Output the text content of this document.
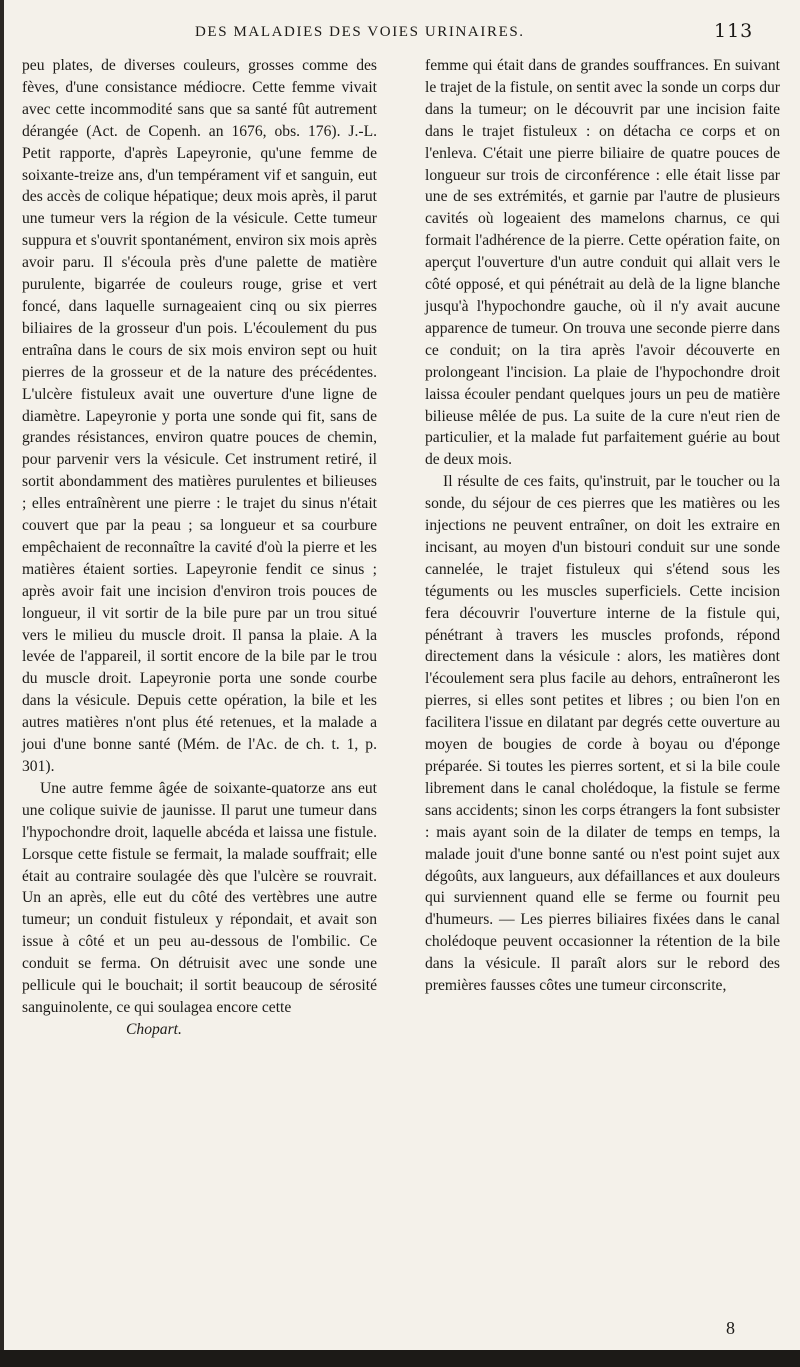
DES MALADIES DES VOIES URINAIRES.	113

peu plates, de diverses couleurs, grosses comme des fèves, d'une consistance médiocre. Cette femme vivait avec cette incommodité sans que sa santé fût autrement dérangée (Act. de Copenh. an 1676, obs. 176). J.-L. Petit rapporte, d'après Lapeyronie, qu'une femme de soixante-treize ans, d'un tempérament vif et sanguin, eut des accès de colique hépatique; deux mois après, il parut une tumeur vers la région de la vésicule. Cette tumeur suppura et s'ouvrit spontanément, environ six mois après avoir paru. Il s'écoula près d'une palette de matière purulente, bigarrée de couleurs rouge, grise et vert foncé, dans laquelle surnageaient cinq ou six pierres biliaires de la grosseur d'un pois. L'écoulement du pus entraîna dans le cours de six mois environ sept ou huit pierres de la grosseur et de la nature des précédentes. L'ulcère fistuleux avait une ouverture d'une ligne de diamètre. Lapeyronie y porta une sonde qui fit, sans de grandes résistances, environ quatre pouces de chemin, pour parvenir vers la vésicule. Cet instrument retiré, il sortit abondamment des matières purulentes et bilieuses ; elles entraînèrent une pierre : le trajet du sinus n'était couvert que par la peau ; sa longueur et sa courbure empêchaient de reconnaître la cavité d'où la pierre et les matières étaient sorties. Lapeyronie fendit ce sinus ; après avoir fait une incision d'environ trois pouces de longueur, il vit sortir de la bile pure par un trou situé vers le milieu du muscle droit. Il pansa la plaie. A la levée de l'appareil, il sortit encore de la bile par le trou du muscle droit. Lapeyronie porta une sonde courbe dans la vésicule. Depuis cette opération, la bile et les autres matières n'ont plus été retenues, et la malade a joui d'une bonne santé (Mém. de l'Ac. de ch. t. 1, p. 301).

Une autre femme âgée de soixante-quatorze ans eut une colique suivie de jaunisse. Il parut une tumeur dans l'hypochondre droit, laquelle abcéda et laissa une fistule. Lorsque cette fistule se fermait, la malade souffrait; elle était au contraire soulagée dès que l'ulcère se rouvrait. Un an après, elle eut du côté des vertèbres une autre tumeur; un conduit fistuleux y répondait, et avait son issue à côté et un peu au-dessous de l'ombilic. Ce conduit se ferma. On détruisit avec une sonde une pellicule qui le bouchait; il sortit beaucoup de sérosité sanguinolente, ce qui soulagea encore cette

Chopart.

femme qui était dans de grandes souffrances. En suivant le trajet de la fistule, on sentit avec la sonde un corps dur dans la tumeur; on le découvrit par une incision faite dans le trajet fistuleux : on détacha ce corps et on l'enleva. C'était une pierre biliaire de quatre pouces de longueur sur trois de circonférence : elle était lisse par une de ses extrémités, et garnie par l'autre de plusieurs cavités où logeaient des mamelons charnus, ce qui formait l'adhérence de la pierre. Cette opération faite, on aperçut l'ouverture d'un autre conduit qui allait vers le côté opposé, et qui pénétrait au delà de la ligne blanche jusqu'à l'hypochondre gauche, où il n'y avait aucune apparence de tumeur. On trouva une seconde pierre dans ce conduit; on la tira après l'avoir découverte en prolongeant l'incision. La plaie de l'hypochondre droit laissa écouler pendant quelques jours un peu de matière bilieuse mêlée de pus. La suite de la cure n'eut rien de particulier, et la malade fut parfaitement guérie au bout de deux mois.

Il résulte de ces faits, qu'instruit, par le toucher ou la sonde, du séjour de ces pierres que les matières ou les injections ne peuvent entraîner, on doit les extraire en incisant, au moyen d'un bistouri conduit sur une sonde cannelée, le trajet fistuleux qui s'étend sous les téguments ou les muscles superficiels. Cette incision fera découvrir l'ouverture interne de la fistule qui, pénétrant à travers les muscles profonds, répond directement dans la vésicule : alors, les matières dont l'écoulement sera plus facile au dehors, entraîneront les pierres, si elles sont petites et libres ; ou bien l'on en facilitera l'issue en dilatant par degrés cette ouverture au moyen de bougies de corde à boyau ou d'éponge préparée. Si toutes les pierres sortent, et si la bile coule librement dans le canal cholédoque, la fistule se ferme sans accidents; sinon les corps étrangers la font subsister : mais ayant soin de la dilater de temps en temps, la malade jouit d'une bonne santé ou n'est point sujet aux dégoûts, aux langueurs, aux défaillances et aux douleurs qui surviennent quand elle se ferme ou fournit peu d'humeurs. — Les pierres biliaires fixées dans le canal cholédoque peuvent occasionner la rétention de la bile dans la vésicule. Il paraît alors sur le rebord des premières fausses côtes une tumeur circonscrite,

8
